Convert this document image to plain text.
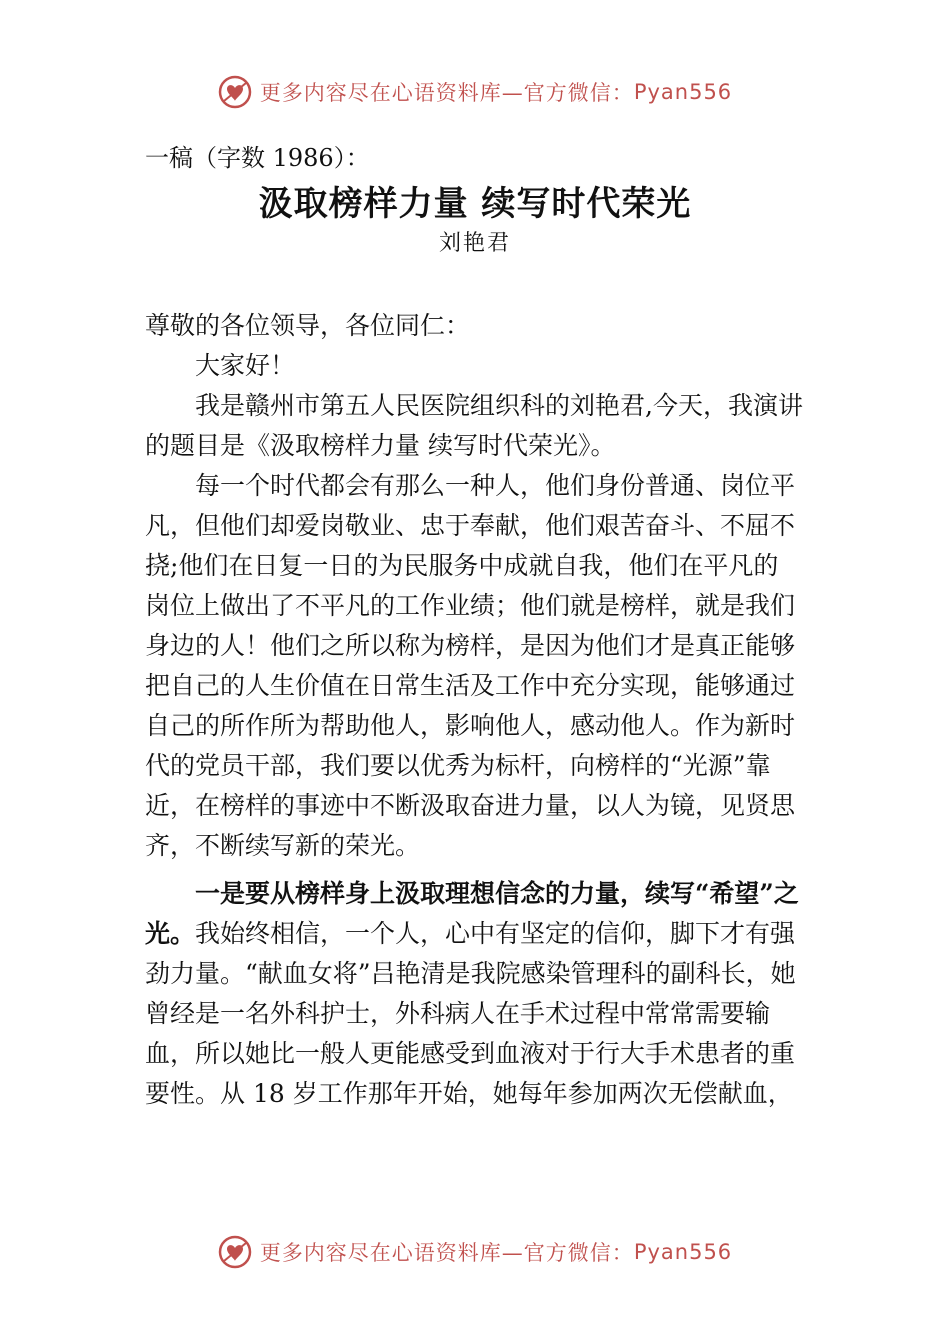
更多内容尽在心语资料库—官方微信： Pyan556
一稿（字数 1986）：
汲取榜样力量 续写时代荣光
刘艳君

尊敬的各位领导，各位同仁：

大家好！

我是赣州市第五人民医院组织科的刘艳君,今天，我演讲的题目是《汲取榜样力量 续写时代荣光》。

每一个时代都会有那么一种人，他们身份普通、岗位平凡，但他们却爱岗敬业、忠于奉献，他们艰苦奋斗、不屈不挠;他们在日复一日的为民服务中成就自我，他们在平凡的 岗位上做出了不平凡的工作业绩；他们就是榜样，就是我们身边的人！他们之所以称为榜样，是因为他们才是真正能够把自己的人生价值在日常生活及工作中充分实现，能够通过自己的所作所为帮助他人，影响他人，感动他人。作为新时代的党员干部，我们要以优秀为标杆，向榜样的“光源”靠近，在榜样的事迹中不断汲取奋进力量，以人为镜，见贤思齐，不断续写新的荣光。

一是要从榜样身上汲取理想信念的力量，续写“希望”之光。我始终相信，一个人，心中有坚定的信仰，脚下才有强劲力量。“献血女将”吕艳清是我院感染管理科的副科长，她曾经是一名外科护士，外科病人在手术过程中常常需要输血，所以她比一般人更能感受到血液对于行大手术患者的重要性。从 18 岁工作那年开始，她每年参加两次无偿献血，

更多内容尽在心语资料库—官方微信： Pyan556
